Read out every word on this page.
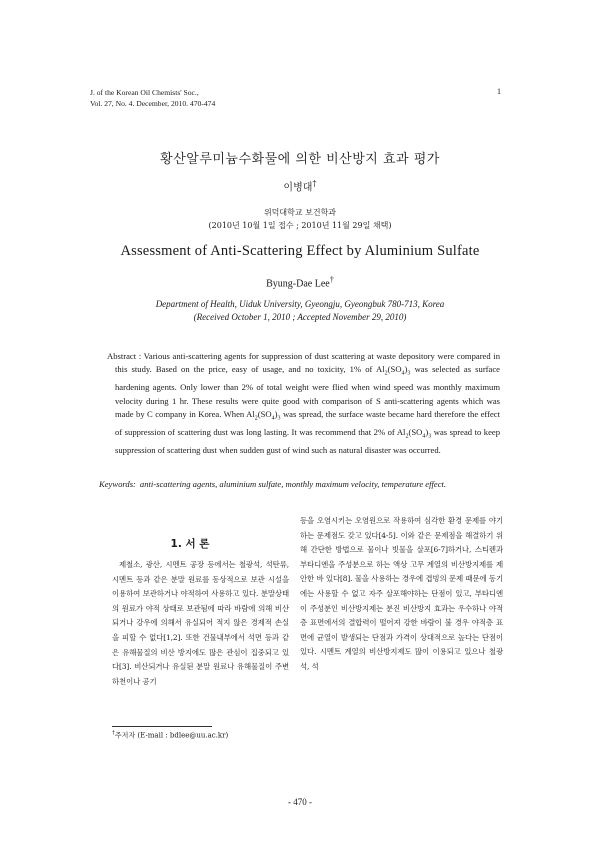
J. of the Korean Oil Chemists' Soc.,
Vol. 27, No. 4. December, 2010. 470-474
1
황산알루미늄수화물에 의한 비산방지 효과 평가
이병대†
위덕대학교 보건학과
(2010년 10월 1일 접수 ; 2010년 11월 29일 채택)
Assessment of Anti-Scattering Effect by Aluminium Sulfate
Byung-Dae Lee†
Department of Health, Uiduk University, Gyeongju, Gyeongbuk 780-713, Korea
(Received October 1, 2010 ; Accepted November 29, 2010)
Abstract : Various anti-scattering agents for suppression of dust scattering at waste depository were compared in this study. Based on the price, easy of usage, and no toxicity, 1% of $Al_2(SO_4)_3$ was selected as surface hardening agents. Only lower than 2% of total weight were flied when wind speed was monthly maximum velocity during 1 hr. These results were quite good with comparison of S anti-scattering agents which was made by C company in Korea. When $Al_2(SO_4)_3$ was spread, the surface waste became hard therefore the effect of suppression of scattering dust was long lasting. It was recommend that 2% of $Al_2(SO_4)_3$ was spread to keep suppression of scattering dust when sudden gust of wind such as natural disaster was occurred.
Keywords: anti-scattering agents, aluminium sulfate, monthly maximum velocity, temperature effect.
1. 서 론

제철소, 광산, 시멘트 공장 등에서는 철광석, 석탄류, 시멘트 등과 같은 분말 원료를 동상적으로 보관 시설을 이용하여 보관하거나 야적하여 사용하고 있다. 분말상태의 원료가 야적 상태로 보관됨에 따라 바람에 의해 비산되거나 강우에 의해서 유실되어 적지 않은 경제적 손실을 피할 수 없다[1,2]. 또한 건물내부에서 석면 등과 같은 유해물질의 비산 방지에도 많은 관심이 집중되고 있다[3]. 비산되거나 유실된 분말 원료나 유해물질이 주변 하천이나 공기

등을 오염시키는 오염원으로 작용하여 심각한 환경 문제를 야기하는 문제점도 갖고 있다[4-5]. 이와 같은 문제점을 해결하기 위해 간단한 방법으로 물이나 빗물을 살포[6-7]하거나, 스티렌과 부타디엔을 주성분으로 하는 액상 고무 계열의 비산방지제를 제안한 바 있다[8]. 물을 사용하는 경우에 겹빙의 문제 때문에 동기에는 사용할 수 없고 자주 살포해야하는 단점이 있고, 부타디엔이 주성분인 비산방지제는 분진 비산방지 효과는 우수하나 야적층 표면에서의 결합력이 떨어져 강한 바람이 불 경우 야적층 표면에 균열이 발생되는 단점과 가격이 상대적으로 높다는 단점이 있다. 시멘트 계열의 비산방지제도 많이 이용되고 있으나 철광석, 석

†주저자 (E-mail : bdlee@uu.ac.kr)
- 470 -
